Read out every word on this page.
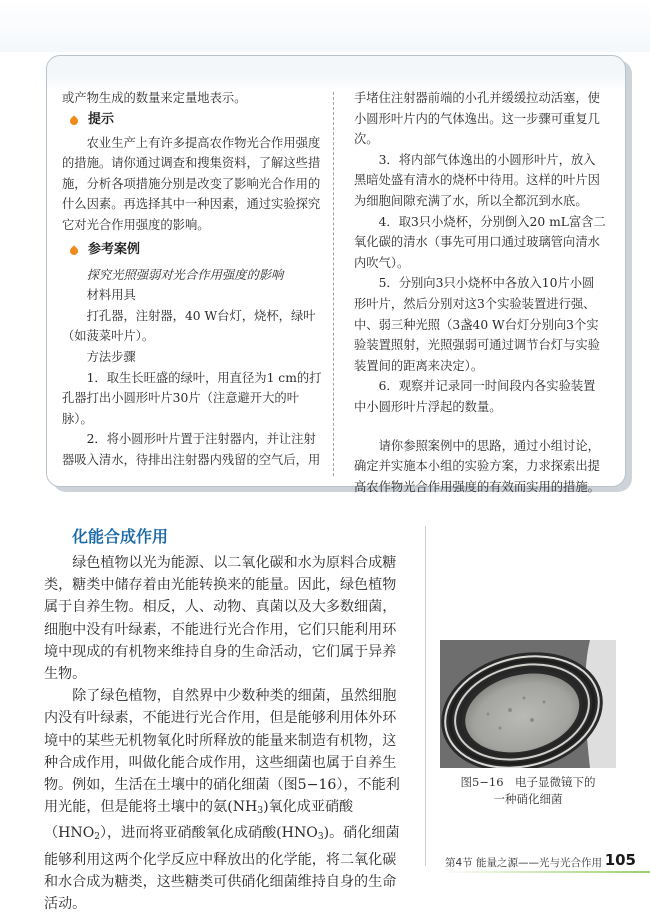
或产物生成的数量来定量地表示。

提示

农业生产上有许多提高农作物光合作用强度的措施。请你通过调查和搜集资料，了解这些措施，分析各项措施分别是改变了影响光合作用的什么因素。再选择其中一种因素，通过实验探究它对光合作用强度的影响。

参考案例

探究光照强弱对光合作用强度的影响

材料用具

打孔器，注射器，40 W台灯，烧杯，绿叶（如菠菜叶片）。

方法步骤

1．取生长旺盛的绿叶，用直径为1 cm的打孔器打出小圆形叶片30片（注意避开大的叶脉）。

2．将小圆形叶片置于注射器内，并让注射器吸入清水，待排出注射器内残留的空气后，用

手堵住注射器前端的小孔并缓缓拉动活塞，使小圆形叶片内的气体逸出。这一步骤可重复几次。

3．将内部气体逸出的小圆形叶片，放入黑暗处盛有清水的烧杯中待用。这样的叶片因为细胞间隙充满了水，所以全都沉到水底。

4．取3只小烧杯，分别倒入20 mL富含二氧化碳的清水（事先可用口通过玻璃管向清水内吹气）。

5．分别向3只小烧杯中各放入10片小圆形叶片，然后分别对这3个实验装置进行强、中、弱三种光照（3盏40 W台灯分别向3个实验装置照射，光照强弱可通过调节台灯与实验装置间的距离来决定）。

6．观察并记录同一时间段内各实验装置中小圆形叶片浮起的数量。

请你参照案例中的思路，通过小组讨论，确定并实施本小组的实验方案，力求探索出提高农作物光合作用强度的有效而实用的措施。

化能合成作用

绿色植物以光为能源、以二氧化碳和水为原料合成糖类，糖类中储存着由光能转换来的能量。因此，绿色植物属于自养生物。相反，人、动物、真菌以及大多数细菌，细胞中没有叶绿素，不能进行光合作用，它们只能利用环境中现成的有机物来维持自身的生命活动，它们属于异养生物。

除了绿色植物，自然界中少数种类的细菌，虽然细胞内没有叶绿素，不能进行光合作用，但是能够利用体外环境中的某些无机物氧化时所释放的能量来制造有机物，这种合成作用，叫做化能合成作用，这些细菌也属于自养生物。例如，生活在土壤中的硝化细菌（图5−16），不能利用光能，但是能将土壤中的氨$(NH_3)$氧化成亚硝酸$(HNO_2)$，进而将亚硝酸氧化成硝酸$(HNO_3)$。硝化细菌能够利用这两个化学反应中释放出的化学能，将二氧化碳和水合成为糖类，这些糖类可供硝化细菌维持自身的生命活动。

图5−16　电子显微镜下的
一种硝化细菌
第4节 能量之源——光与光合作用 105
